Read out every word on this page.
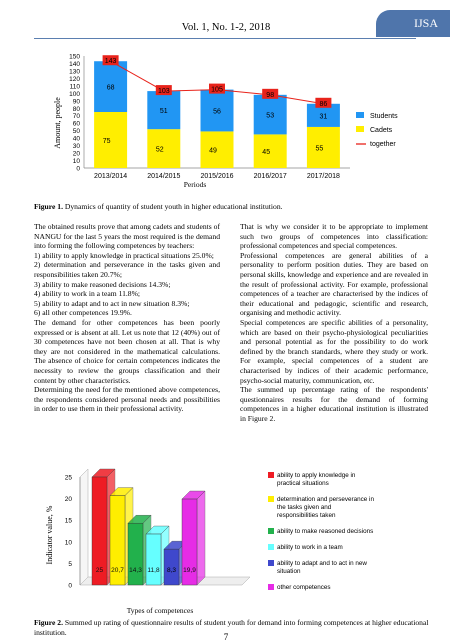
Vol. 1, No. 1-2, 2018	IJSA
Amount, people
Periods
0
10
20
30
40
50
60
70
80
90
100
110
120
130
140
150
75
68
2013/2014
52
51
2014/2015
49
56
2015/2016
45
53
2016/2017
55
31
2017/2018
143
103	105
98
86
Students
Cadets
together
Figure 1. Dynamics of quantity of student youth in higher educational institution.

The obtained results prove that among cadets and students of NANGU for the last 5 years the most required is the demand into forming the following competences by teachers:

1) ability to apply knowledge in practical situations 25.0%;

2) determination and perseverance in the tasks given and responsibilities taken 20.7%;

3) ability to make reasoned decisions 14.3%;

4) ability to work in a team 11.8%;

5) ability to adapt and to act in new situation 8.3%;

6) all other competences 19.9%.

The demand for other competences has been poorly expressed or is absent at all. Let us note that 12 (40%) out of 30 competences have not been chosen at all. That is why they are not considered in the mathematical calculations. The absence of choice for certain competences indicates the necessity to review the groups classification and their content by other characteristics.

Determining the need for the mentioned above competences, the respondents considered personal needs and possibilities in order to use them in their professional activity.

That is why we consider it to be appropriate to implement such two groups of competences into classification: professional competences and special competences.

Professional competences are general abilities of a personality to perform position duties. They are based on personal skills, knowledge and experience and are revealed in the result of professional activity. For example, professional competences of a teacher are characterised by the indices of their educational and pedagogic, scientific and research, organising and methodic activity.

Special competences are specific abilities of a personality, which are based on their psycho-physiological peculiarities and personal potential as for the possibility to do work defined by the branch standards, where they study or work. For example, special competences of a student are characterised by indices of their academic performance, psycho-social maturity, communication, etc.

The summed up percentage rating of the respondents' questionnaires results for the demand of forming competences in a higher educational institution is illustrated in Figure 2.

Indicator value, %
Types of competences
0
5
10
15
20
25
25 20,7 14,3 11,8 8,3 19,9
ability to apply knowledge in
practical situations
determination and perseverance in
the tasks given and
responsibilities taken
ability to make reasoned decisions
ability to work in a team
ability to adapt and to act in new
situation
other competences
Figure 2. Summed up rating of questionnaire results of student youth for demand into forming competences at higher educational institution.	7
